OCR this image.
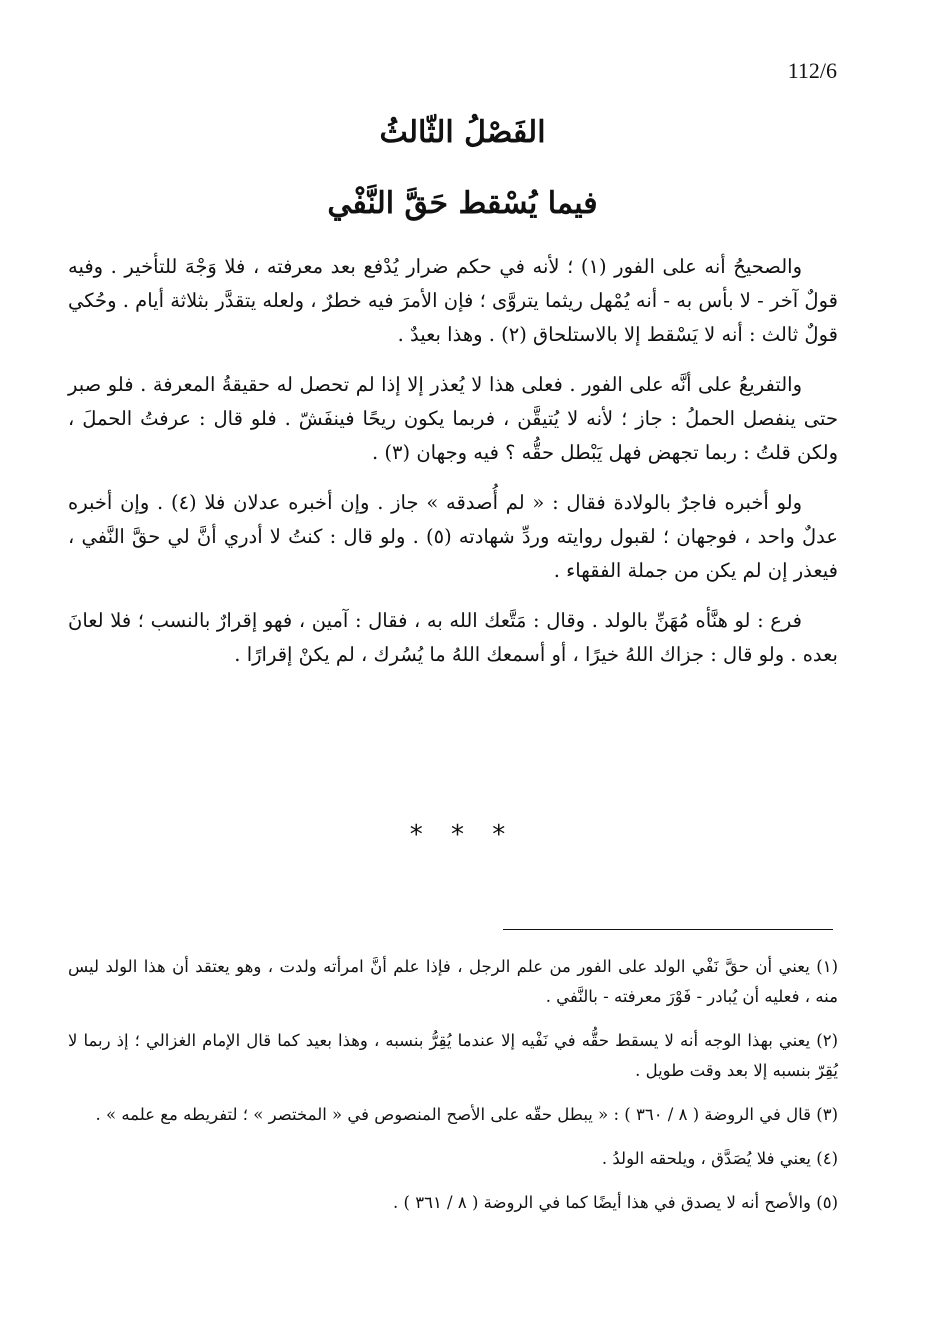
112/6
الفَصْلُ الثّالثُ
فيما يُسْقط حَقَّ النَّفْي

والصحيحُ أنه على الفور (١) ؛ لأنه في حكم ضرار يُدْفع بعد معرفته ، فلا وَجْهَ للتأخير . وفيه قولٌ آخر - لا بأس به - أنه يُمْهل ريثما يتروَّى ؛ فإن الأمرَ فيه خطرٌ ، ولعله يتقدَّر بثلاثة أيام . وحُكي قولٌ ثالث : أنه لا يَسْقط إلا بالاستلحاق (٢) . وهذا بعيدٌ .

والتفريعُ على أنَّه على الفور . فعلى هذا لا يُعذر إلا إذا لم تحصل له حقيقةُ المعرفة . فلو صبر حتى ينفصل الحملُ : جاز ؛ لأنه لا يُتيقَّن ، فربما يكون ريحًا فينفَشّ . فلو قال : عرفتُ الحملَ ، ولكن قلتُ : ربما تجهض فهل يَبْطل حقُّه ؟ فيه وجهان (٣) .

ولو أخبره فاجرٌ بالولادة فقال : « لم أُصدقه » جاز . وإن أخبره عدلان فلا (٤) . وإن أخبره عدلٌ واحد ، فوجهان ؛ لقبول روايته وردِّ شهادته (٥) . ولو قال : كنتُ لا أدري أنَّ لي حقَّ النَّفي ، فيعذر إن لم يكن من جملة الفقهاء .

فرع : لو هنَّأه مُهَنِّ بالولد . وقال : مَتَّعك الله به ، فقال : آمين ، فهو إقرارٌ بالنسب ؛ فلا لعانَ بعده . ولو قال : جزاك اللهُ خيرًا ، أو أسمعك اللهُ ما يُسُرك ، لم يكنْ إقرارًا .

* * *

(١) يعني أن حقَّ نَفْي الولد على الفور من علم الرجل ، فإذا علم أنَّ امرأته ولدت ، وهو يعتقد أن هذا الولد ليس منه ، فعليه أن يُبادر - فَوْرَ معرفته - بالنَّفي .

(٢) يعني بهذا الوجه أنه لا يسقط حقُّه في نَفْيه إلا عندما يُقِرُّ بنسبه ، وهذا بعيد كما قال الإمام الغزالي ؛ إذ ربما لا يُقِرّ بنسبه إلا بعد وقت طويل .

(٣) قال في الروضة ( ٨ / ٣٦٠ ) : « يبطل حقّه على الأصح المنصوص في « المختصر » ؛ لتفريطه مع علمه » .

(٤) يعني فلا يُصَدَّق ، ويلحقه الولدُ .

(٥) والأصح أنه لا يصدق في هذا أيضًا كما في الروضة ( ٨ / ٣٦١ ) .
